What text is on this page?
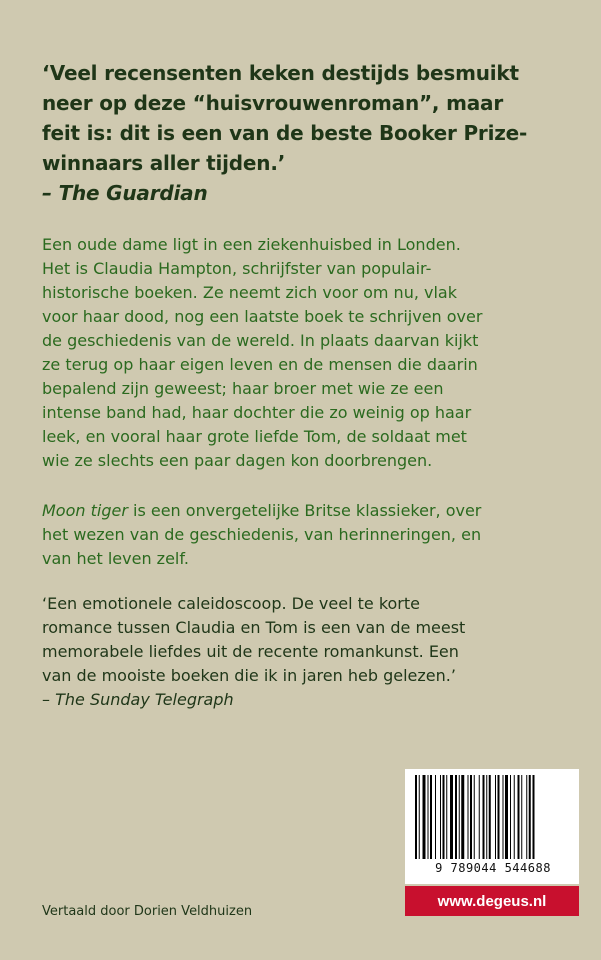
‘Veel recensenten keken destijds besmuikt
neer op deze “huisvrouwenroman”, maar
feit is: dit is een van de beste Booker Prize-
winnaars aller tijden.’
– The Guardian

Een oude dame ligt in een ziekenhuisbed in Londen.
Het is Claudia Hampton, schrijfster van populair-
historische boeken. Ze neemt zich voor om nu, vlak
voor haar dood, nog een laatste boek te schrijven over
de geschiedenis van de wereld. In plaats daarvan kijkt
ze terug op haar eigen leven en de mensen die daarin
bepalend zijn geweest; haar broer met wie ze een
intense band had, haar dochter die zo weinig op haar
leek, en vooral haar grote liefde Tom, de soldaat met
wie ze slechts een paar dagen kon doorbrengen.

Moon tiger is een onvergetelijke Britse klassieker, over
het wezen van de geschiedenis, van herinneringen, en
van het leven zelf.

‘Een emotionele caleidoscoop. De veel te korte
romance tussen Claudia en Tom is een van de meest
memorabele liefdes uit de recente romankunst. Een
van de mooiste boeken die ik in jaren heb gelezen.’
– The Sunday Telegraph
Vertaald door Dorien Veldhuizen
9 789044 544688
www.degeus.nl
